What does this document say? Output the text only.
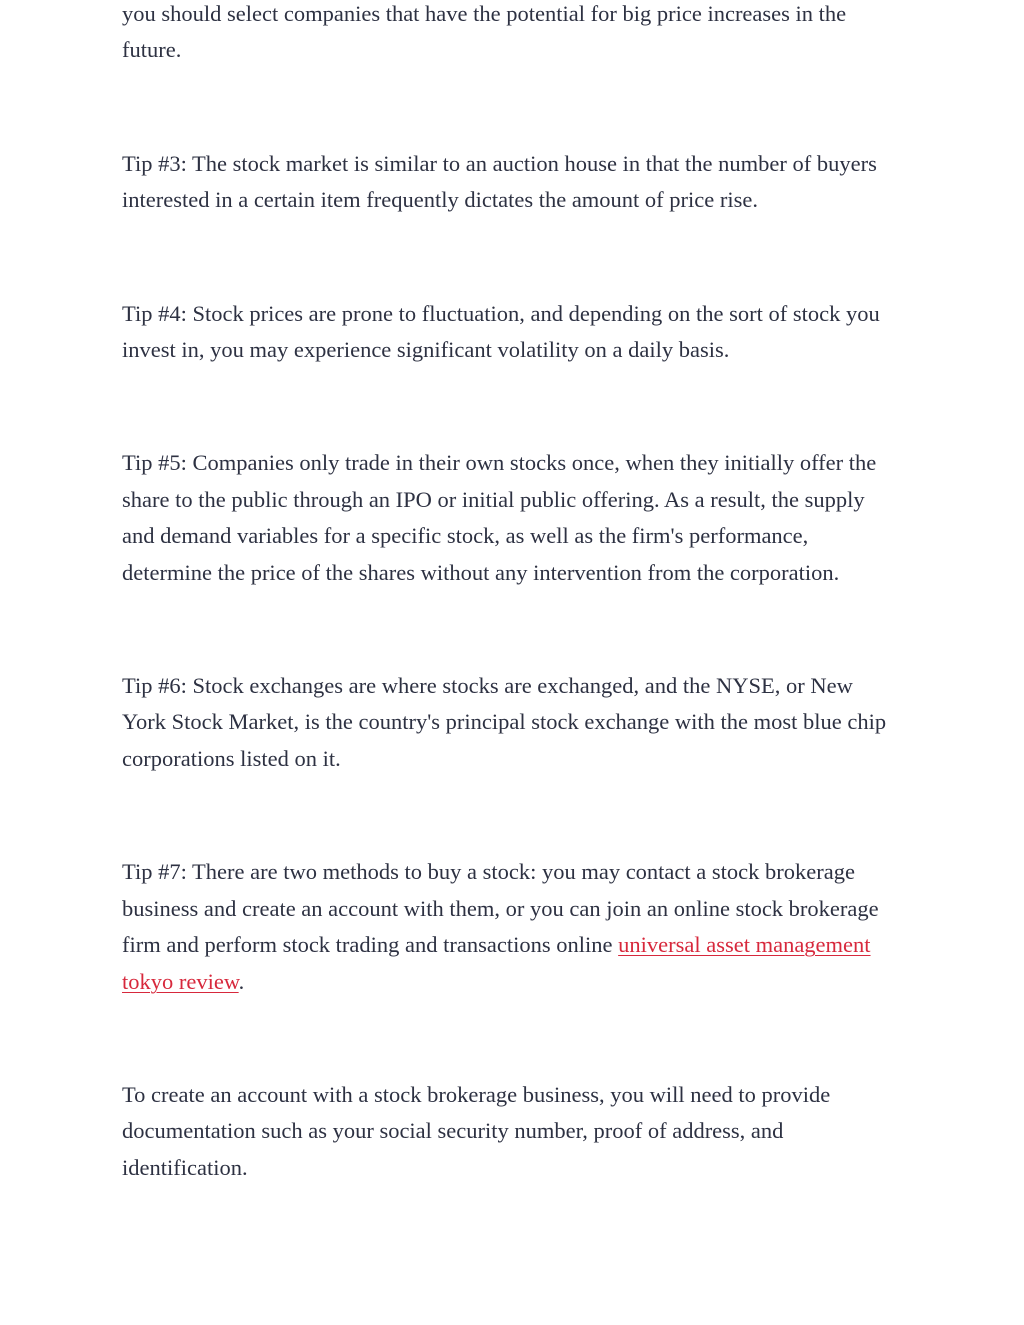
you should select companies that have the potential for big price increases in the future.

Tip #3: The stock market is similar to an auction house in that the number of buyers interested in a certain item frequently dictates the amount of price rise.

Tip #4: Stock prices are prone to fluctuation, and depending on the sort of stock you invest in, you may experience significant volatility on a daily basis.

Tip #5: Companies only trade in their own stocks once, when they initially offer the share to the public through an IPO or initial public offering. As a result, the supply and demand variables for a specific stock, as well as the firm's performance, determine the price of the shares without any intervention from the corporation.

Tip #6: Stock exchanges are where stocks are exchanged, and the NYSE, or New York Stock Market, is the country's principal stock exchange with the most blue chip corporations listed on it.

Tip #7: There are two methods to buy a stock: you may contact a stock brokerage business and create an account with them, or you can join an online stock brokerage firm and perform stock trading and transactions online universal asset management tokyo review.

To create an account with a stock brokerage business, you will need to provide documentation such as your social security number, proof of address, and identification.
